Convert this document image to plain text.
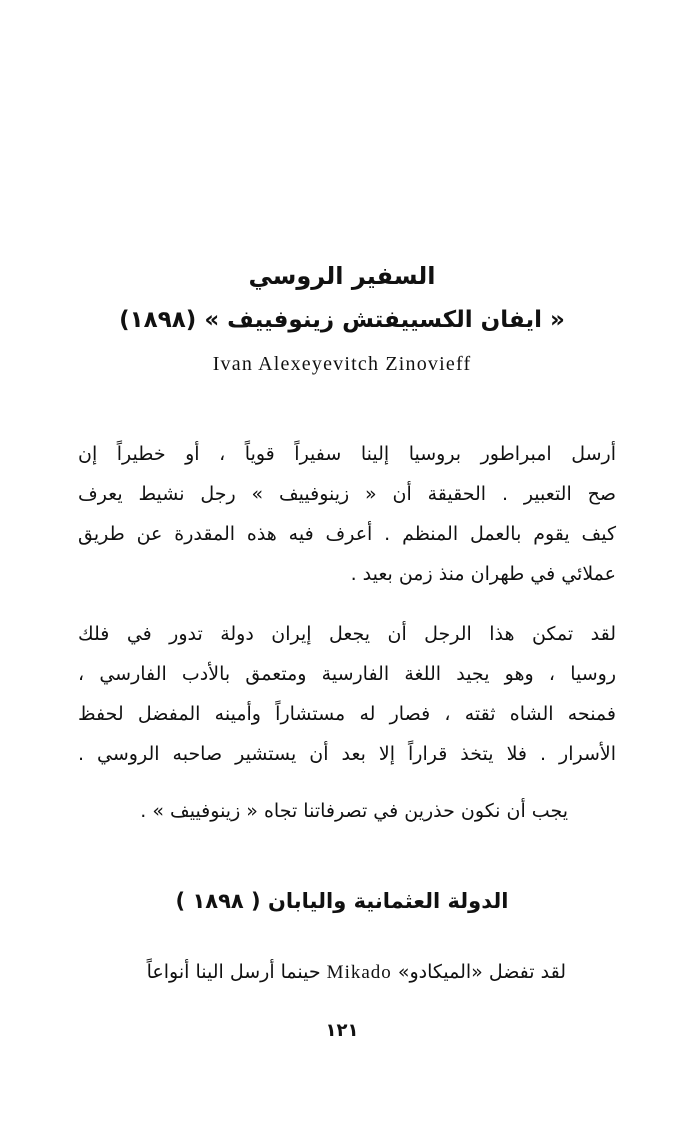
السفير الروسي
« ايفان الكسييفتش زينوفييف » (١٨٩٨)
Ivan Alexeyevitch Zinovieff
أرسل امبراطور بروسيا إلينا سفيراً قوياً ، أو خطيراً إن
صح التعبير . الحقيقة أن « زينوفييف » رجل نشيط يعرف
كيف يقوم بالعمل المنظم . أعرف فيه هذه المقدرة عن طريق
عملائي في طهران منذ زمن بعيد .
لقد تمكن هذا الرجل أن يجعل إيران دولة تدور في فلك
روسيا ، وهو يجيد اللغة الفارسية ومتعمق بالأدب الفارسي ،
فمنحه الشاه ثقته ، فصار له مستشاراً وأمينه المفضل لحفظ
الأسرار . فلا يتخذ قراراً إلا بعد أن يستشير صاحبه الروسي .
يجب أن نكون حذرين في تصرفاتنا تجاه « زينوفييف » .
الدولة العثمانية واليابان ( ١٨٩٨ )
لقد تفضل «الميكادو» Mikado حينما أرسل الينا أنواعاً
١٢١
